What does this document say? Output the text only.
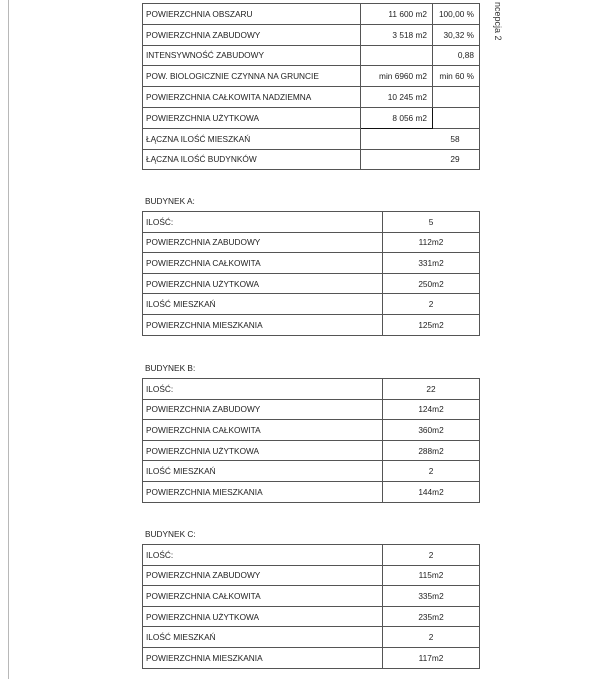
ncepcja 2
POWIERZCHNIA OBSZARU	11 600 m2	100,00 %
POWIERZCHNIA ZABUDOWY	3 518 m2	30,32 %
INTENSYWNOŚĆ ZABUDOWY		0,88
POW. BIOLOGICZNIE CZYNNA NA GRUNCIE	min 6960 m2	min 60 %
POWIERZCHNIA CAŁKOWITA NADZIEMNA	10 245 m2	
POWIERZCHNIA UŻYTKOWA	8 056 m2	
ŁĄCZNA ILOŚĆ MIESZKAŃ	58	
ŁĄCZNA ILOŚĆ BUDYNKÓW	29	
BUDYNEK A:
ILOŚĆ:	5
POWIERZCHNIA ZABUDOWY	112m2
POWIERZCHNIA CAŁKOWITA	331m2
POWIERZCHNIA UŻYTKOWA	250m2
ILOŚĆ MIESZKAŃ	2
POWIERZCHNIA MIESZKANIA	125m2
BUDYNEK B:
ILOŚĆ:	22
POWIERZCHNIA ZABUDOWY	124m2
POWIERZCHNIA CAŁKOWITA	360m2
POWIERZCHNIA UŻYTKOWA	288m2
ILOŚĆ MIESZKAŃ	2
POWIERZCHNIA MIESZKANIA	144m2
BUDYNEK C:
ILOŚĆ:	2
POWIERZCHNIA ZABUDOWY	115m2
POWIERZCHNIA CAŁKOWITA	335m2
POWIERZCHNIA UŻYTKOWA	235m2
ILOŚĆ MIESZKAŃ	2
POWIERZCHNIA MIESZKANIA	117m2
